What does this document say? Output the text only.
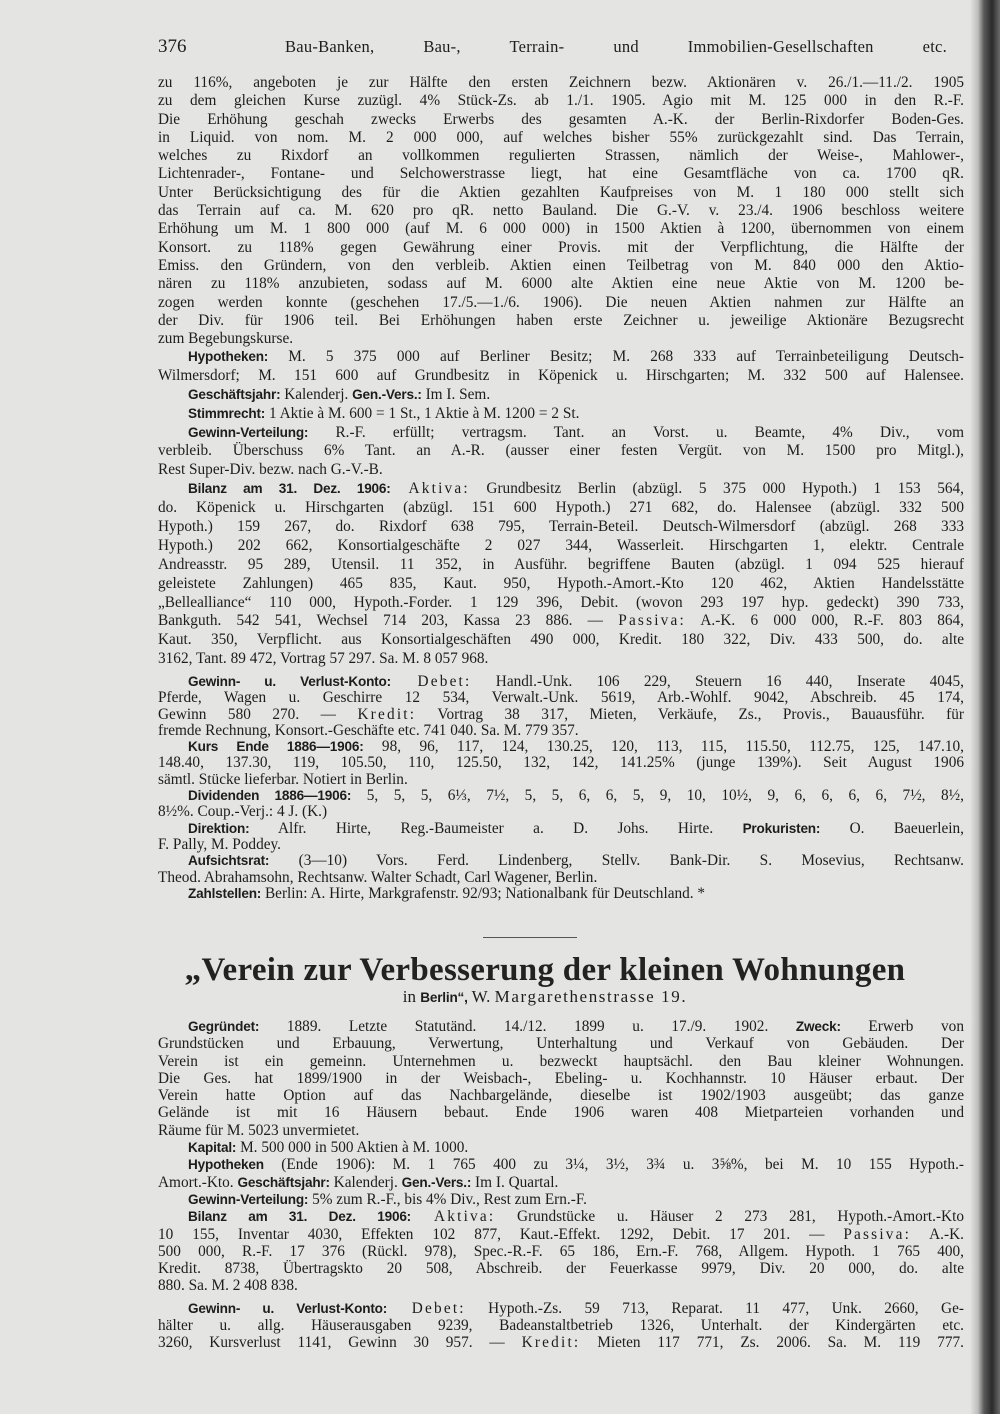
376	Bau-Banken, Bau-, Terrain- und Immobilien-Gesellschaften etc.
zu 116%, angeboten je zur Hälfte den ersten Zeichnern bezw. Aktionären v. 26./1.—11./2. 1905
zu dem gleichen Kurse zuzügl. 4% Stück-Zs. ab 1./1. 1905. Agio mit M. 125 000 in den R.-F.
Die Erhöhung geschah zwecks Erwerbs des gesamten A.-K. der Berlin-Rixdorfer Boden-Ges.
in Liquid. von nom. M. 2 000 000, auf welches bisher 55% zurückgezahlt sind. Das Terrain,
welches zu Rixdorf an vollkommen regulierten Strassen, nämlich der Weise-, Mahlower-,
Lichtenrader-, Fontane- und Selchowerstrasse liegt, hat eine Gesamtfläche von ca. 1700 qR.
Unter Berücksichtigung des für die Aktien gezahlten Kaufpreises von M. 1 180 000 stellt sich
das Terrain auf ca. M. 620 pro qR. netto Bauland. Die G.-V. v. 23./4. 1906 beschloss weitere
Erhöhung um M. 1 800 000 (auf M. 6 000 000) in 1500 Aktien à 1200, übernommen von einem
Konsort. zu 118% gegen Gewährung einer Provis. mit der Verpflichtung, die Hälfte der
Emiss. den Gründern, von den verbleib. Aktien einen Teilbetrag von M. 840 000 den Aktio-
nären zu 118% anzubieten, sodass auf M. 6000 alte Aktien eine neue Aktie von M. 1200 be-
zogen werden konnte (geschehen 17./5.—1./6. 1906). Die neuen Aktien nahmen zur Hälfte an
der Div. für 1906 teil. Bei Erhöhungen haben erste Zeichner u. jeweilige Aktionäre Bezugsrecht
zum Begebungskurse.
Hypotheken: M. 5 375 000 auf Berliner Besitz; M. 268 333 auf Terrainbeteiligung Deutsch-
Wilmersdorf; M. 151 600 auf Grundbesitz in Köpenick u. Hirschgarten; M. 332 500 auf Halensee.
Geschäftsjahr: Kalenderj. Gen.-Vers.: Im I. Sem.
Stimmrecht: 1 Aktie à M. 600 = 1 St., 1 Aktie à M. 1200 = 2 St.
Gewinn-Verteilung: R.-F. erfüllt; vertragsm. Tant. an Vorst. u. Beamte, 4% Div., vom
verbleib. Überschuss 6% Tant. an A.-R. (ausser einer festen Vergüt. von M. 1500 pro Mitgl.),
Rest Super-Div. bezw. nach G.-V.-B.
Bilanz am 31. Dez. 1906: Aktiva: Grundbesitz Berlin (abzügl. 5 375 000 Hypoth.) 1 153 564,
do. Köpenick u. Hirschgarten (abzügl. 151 600 Hypoth.) 271 682, do. Halensee (abzügl. 332 500
Hypoth.) 159 267, do. Rixdorf 638 795, Terrain-Beteil. Deutsch-Wilmersdorf (abzügl. 268 333
Hypoth.) 202 662, Konsortialgeschäfte 2 027 344, Wasserleit. Hirschgarten 1, elektr. Centrale
Andreasstr. 95 289, Utensil. 11 352, in Ausführ. begriffene Bauten (abzügl. 1 094 525 hierauf
geleistete Zahlungen) 465 835, Kaut. 950, Hypoth.-Amort.-Kto 120 462, Aktien Handelsstätte
„Bellealliance“ 110 000, Hypoth.-Forder. 1 129 396, Debit. (wovon 293 197 hyp. gedeckt) 390 733,
Bankguth. 542 541, Wechsel 714 203, Kassa 23 886. — Passiva: A.-K. 6 000 000, R.-F. 803 864,
Kaut. 350, Verpflicht. aus Konsortialgeschäften 490 000, Kredit. 180 322, Div. 433 500, do. alte
3162, Tant. 89 472, Vortrag 57 297. Sa. M. 8 057 968.
Gewinn- u. Verlust-Konto: Debet: Handl.-Unk. 106 229, Steuern 16 440, Inserate 4045,
Pferde, Wagen u. Geschirre 12 534, Verwalt.-Unk. 5619, Arb.-Wohlf. 9042, Abschreib. 45 174,
Gewinn 580 270. — Kredit: Vortrag 38 317, Mieten, Verkäufe, Zs., Provis., Bauausführ. für
fremde Rechnung, Konsort.-Geschäfte etc. 741 040. Sa. M. 779 357.
Kurs Ende 1886—1906: 98, 96, 117, 124, 130.25, 120, 113, 115, 115.50, 112.75, 125, 147.10,
148.40, 137.30, 119, 105.50, 110, 125.50, 132, 142, 141.25% (junge 139%). Seit August 1906
sämtl. Stücke lieferbar. Notiert in Berlin.
Dividenden 1886—1906: 5, 5, 5, 6⅓, 7½, 5, 5, 6, 6, 5, 9, 10, 10½, 9, 6, 6, 6, 6, 7½, 8½,
8½%. Coup.-Verj.: 4 J. (K.)
Direktion: Alfr. Hirte, Reg.-Baumeister a. D. Johs. Hirte. Prokuristen: O. Baeuerlein,
F. Pally, M. Poddey.
Aufsichtsrat: (3—10) Vors. Ferd. Lindenberg, Stellv. Bank-Dir. S. Mosevius, Rechtsanw.
Theod. Abrahamsohn, Rechtsanw. Walter Schadt, Carl Wagener, Berlin.
Zahlstellen: Berlin: A. Hirte, Markgrafenstr. 92/93; Nationalbank für Deutschland. *
„Verein zur Verbesserung der kleinen Wohnungen
in Berlin“, W. Margarethenstrasse 19.
Gegründet: 1889. Letzte Statutänd. 14./12. 1899 u. 17./9. 1902. Zweck: Erwerb von
Grundstücken und Erbauung, Verwertung, Unterhaltung und Verkauf von Gebäuden. Der
Verein ist ein gemeinn. Unternehmen u. bezweckt hauptsächl. den Bau kleiner Wohnungen.
Die Ges. hat 1899/1900 in der Weisbach-, Ebeling- u. Kochhannstr. 10 Häuser erbaut. Der
Verein hatte Option auf das Nachbargelände, dieselbe ist 1902/1903 ausgeübt; das ganze
Gelände ist mit 16 Häusern bebaut. Ende 1906 waren 408 Mietparteien vorhanden und
Räume für M. 5023 unvermietet.
Kapital: M. 500 000 in 500 Aktien à M. 1000.
Hypotheken (Ende 1906): M. 1 765 400 zu 3¼, 3½, 3¾ u. 3⅝%, bei M. 10 155 Hypoth.-
Amort.-Kto. Geschäftsjahr: Kalenderj. Gen.-Vers.: Im I. Quartal.
Gewinn-Verteilung: 5% zum R.-F., bis 4% Div., Rest zum Ern.-F.
Bilanz am 31. Dez. 1906: Aktiva: Grundstücke u. Häuser 2 273 281, Hypoth.-Amort.-Kto
10 155, Inventar 4030, Effekten 102 877, Kaut.-Effekt. 1292, Debit. 17 201. — Passiva: A.-K.
500 000, R.-F. 17 376 (Rückl. 978), Spec.-R.-F. 65 186, Ern.-F. 768, Allgem. Hypoth. 1 765 400,
Kredit. 8738, Übertragskto 20 508, Abschreib. der Feuerkasse 9979, Div. 20 000, do. alte
880. Sa. M. 2 408 838.
Gewinn- u. Verlust-Konto: Debet: Hypoth.-Zs. 59 713, Reparat. 11 477, Unk. 2660, Ge-
hälter u. allg. Häuserausgaben 9239, Badeanstaltbetrieb 1326, Unterhalt. der Kindergärten etc.
3260, Kursverlust 1141, Gewinn 30 957. — Kredit: Mieten 117 771, Zs. 2006. Sa. M. 119 777.
